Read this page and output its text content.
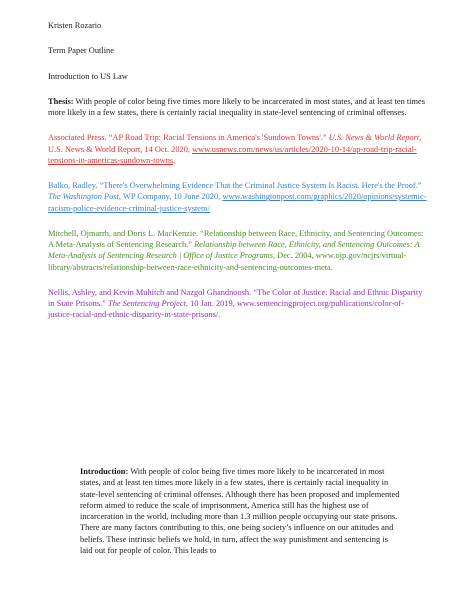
Kristen Rozario

Term Paper Outline

Introduction to US Law

Thesis: With people of color being five times more likely to be incarcerated in most states, and at least ten times more likely in a few states, there is certainly racial inequality in state-level sentencing of criminal offenses.

Associated Press. “AP Road Trip: Racial Tensions in America's 'Sundown Towns'.” U.S. News & World Report, U.S. News & World Report, 14 Oct. 2020, www.usnews.com/news/us/articles/2020-10-14/ap-road-trip-racial-tensions-in-americas-sundown-towns.

Balko, Radley. “There's Overwhelming Evidence That the Criminal Justice System Is Racist. Here's the Proof.” The Washington Post, WP Company, 10 June 2020, www.washingtonpost.com/graphics/2020/opinions/systemic-racism-police-evidence-criminal-justice-system/

Mitchell, Ojmarrh, and Doris L. MacKenzie. “Relationship between Race, Ethnicity, and Sentencing Outcomes: A Meta-Analysis of Sentencing Research.” Relationship between Race, Ethnicity, and Sentencing Outcomes: A Meta-Analysis of Sentencing Research | Office of Justice Programs, Dec. 2004, www.ojp.gov/ncjrs/virtual-library/abstracts/relationship-between-race-ethnicity-and-sentencing-outcomes-meta.

Nellis, Ashley, and Kevin Muhitch and Nazgol Ghandnoosh. “The Color of Justice: Racial and Ethnic Disparity in State Prisons.” The Sentencing Project, 10 Jan. 2019, www.sentencingproject.org/publications/color-of-justice-racial-and-ethnic-disparity-in-state-prisons/.

Introduction: With people of color being five times more likely to be incarcerated in most states, and at least ten times more likely in a few states, there is certainly racial inequality in state-level sentencing of criminal offenses. Although there has been proposed and implemented reform aimed to reduce the scale of imprisonment, America still has the highest use of incarceration in the world, including more than 1.3 million people occupying our state prisons. There are many factors contributing to this, one being society’s influence on our attitudes and beliefs. These intrinsic beliefs we hold, in turn, affect the way punishment and sentencing is laid out for people of color. This leads to
